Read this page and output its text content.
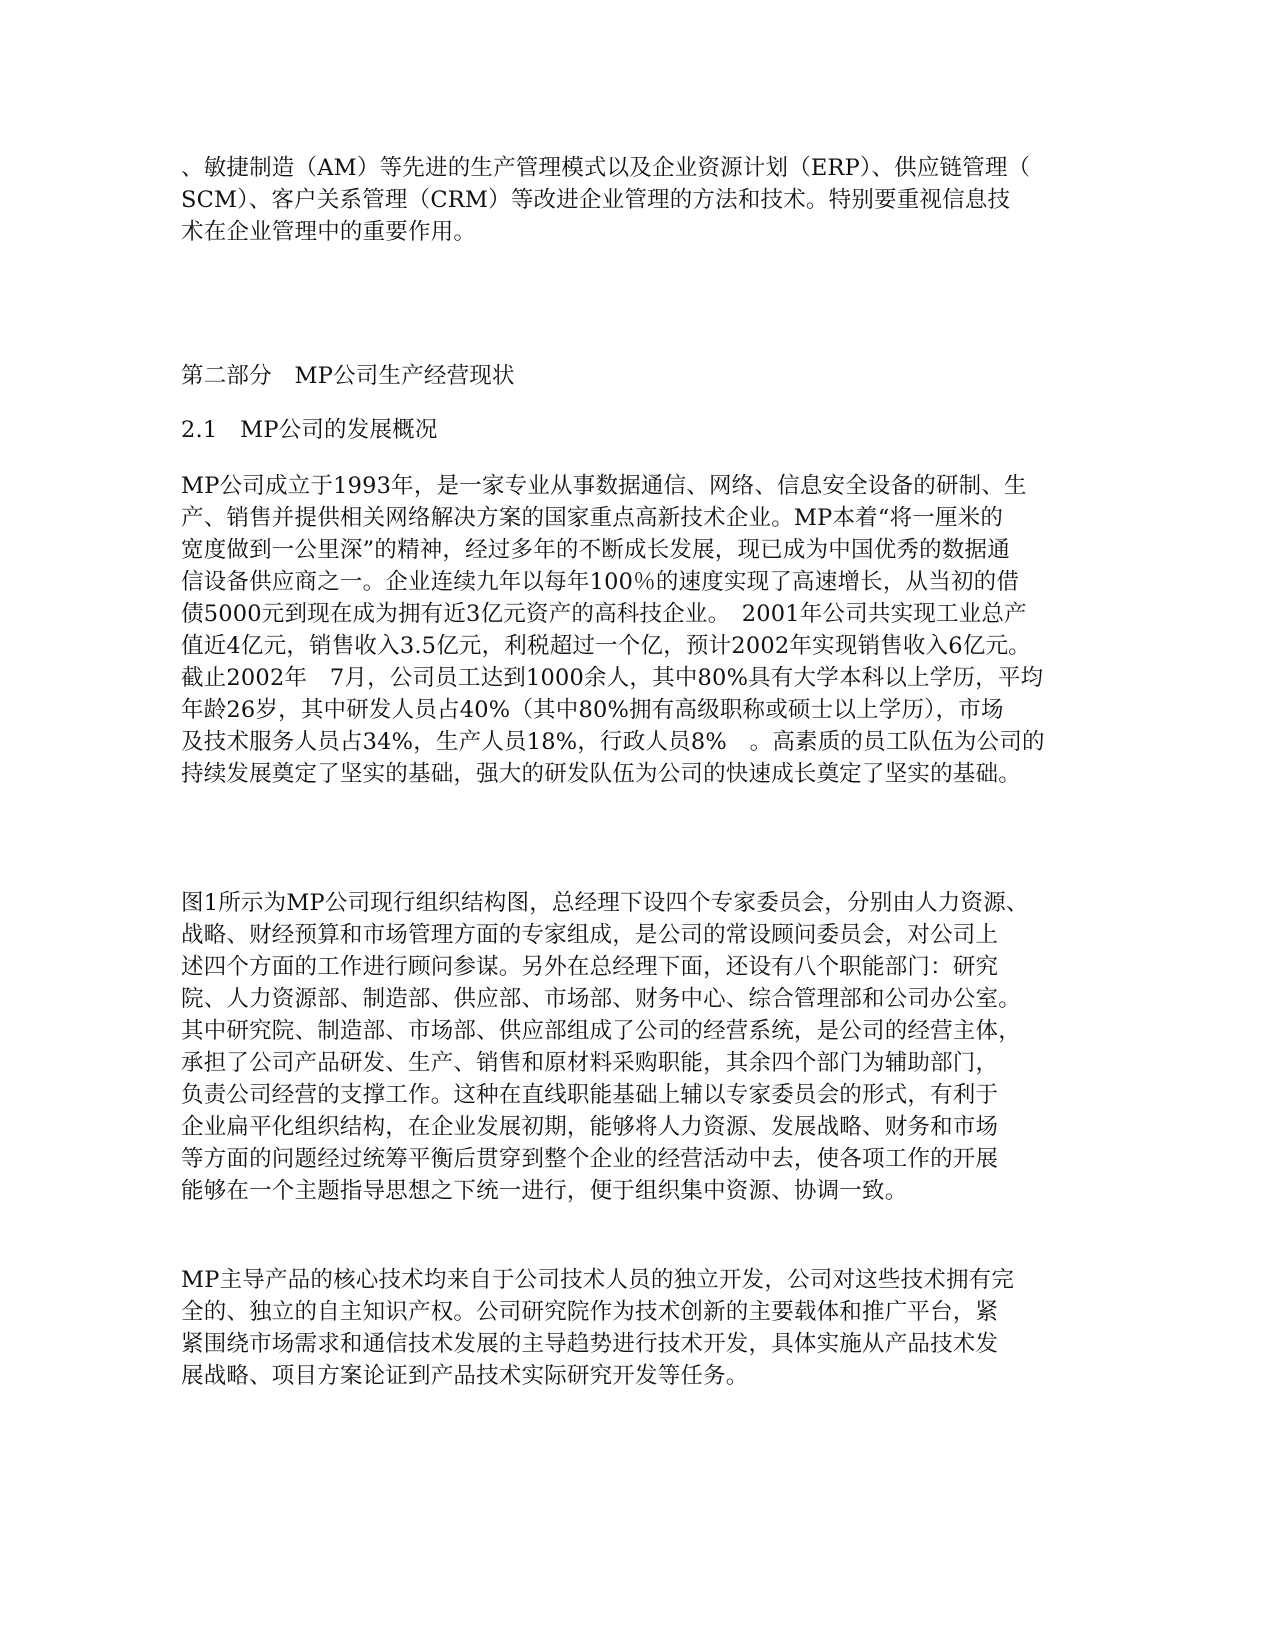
、敏捷制造（AM）等先进的生产管理模式以及企业资源计划（ERP）、供应链管理（
SCM）、客户关系管理（CRM）等改进企业管理的方法和技术。特别要重视信息技
术在企业管理中的重要作用。
第二部分　MP公司生产经营现状
2.1　MP公司的发展概况
MP公司成立于1993年，是一家专业从事数据通信、网络、信息安全设备的研制、生
产、销售并提供相关网络解决方案的国家重点高新技术企业。MP本着“将一厘米的
宽度做到一公里深”的精神，经过多年的不断成长发展，现已成为中国优秀的数据通
信设备供应商之一。企业连续九年以每年100％的速度实现了高速增长，从当初的借
债5000元到现在成为拥有近3亿元资产的高科技企业。　2001年公司共实现工业总产
值近4亿元，销售收入3.5亿元，利税超过一个亿，预计2002年实现销售收入6亿元。
截止2002年　7月，公司员工达到1000余人，其中80%具有大学本科以上学历，平均
年龄26岁，其中研发人员占40%（其中80%拥有高级职称或硕士以上学历），市场
及技术服务人员占34%，生产人员18%，行政人员8%　。高素质的员工队伍为公司的
持续发展奠定了坚实的基础，强大的研发队伍为公司的快速成长奠定了坚实的基础。
图1所示为MP公司现行组织结构图，总经理下设四个专家委员会，分别由人力资源、
战略、财经预算和市场管理方面的专家组成，是公司的常设顾问委员会，对公司上
述四个方面的工作进行顾问参谋。另外在总经理下面，还设有八个职能部门：研究
院、人力资源部、制造部、供应部、市场部、财务中心、综合管理部和公司办公室。
其中研究院、制造部、市场部、供应部组成了公司的经营系统，是公司的经营主体，
承担了公司产品研发、生产、销售和原材料采购职能，其余四个部门为辅助部门，
负责公司经营的支撑工作。这种在直线职能基础上辅以专家委员会的形式，有利于
企业扁平化组织结构，在企业发展初期，能够将人力资源、发展战略、财务和市场
等方面的问题经过统筹平衡后贯穿到整个企业的经营活动中去，使各项工作的开展
能够在一个主题指导思想之下统一进行，便于组织集中资源、协调一致。
MP主导产品的核心技术均来自于公司技术人员的独立开发，公司对这些技术拥有完
全的、独立的自主知识产权。公司研究院作为技术创新的主要载体和推广平台，紧
紧围绕市场需求和通信技术发展的主导趋势进行技术开发，具体实施从产品技术发
展战略、项目方案论证到产品技术实际研究开发等任务。
